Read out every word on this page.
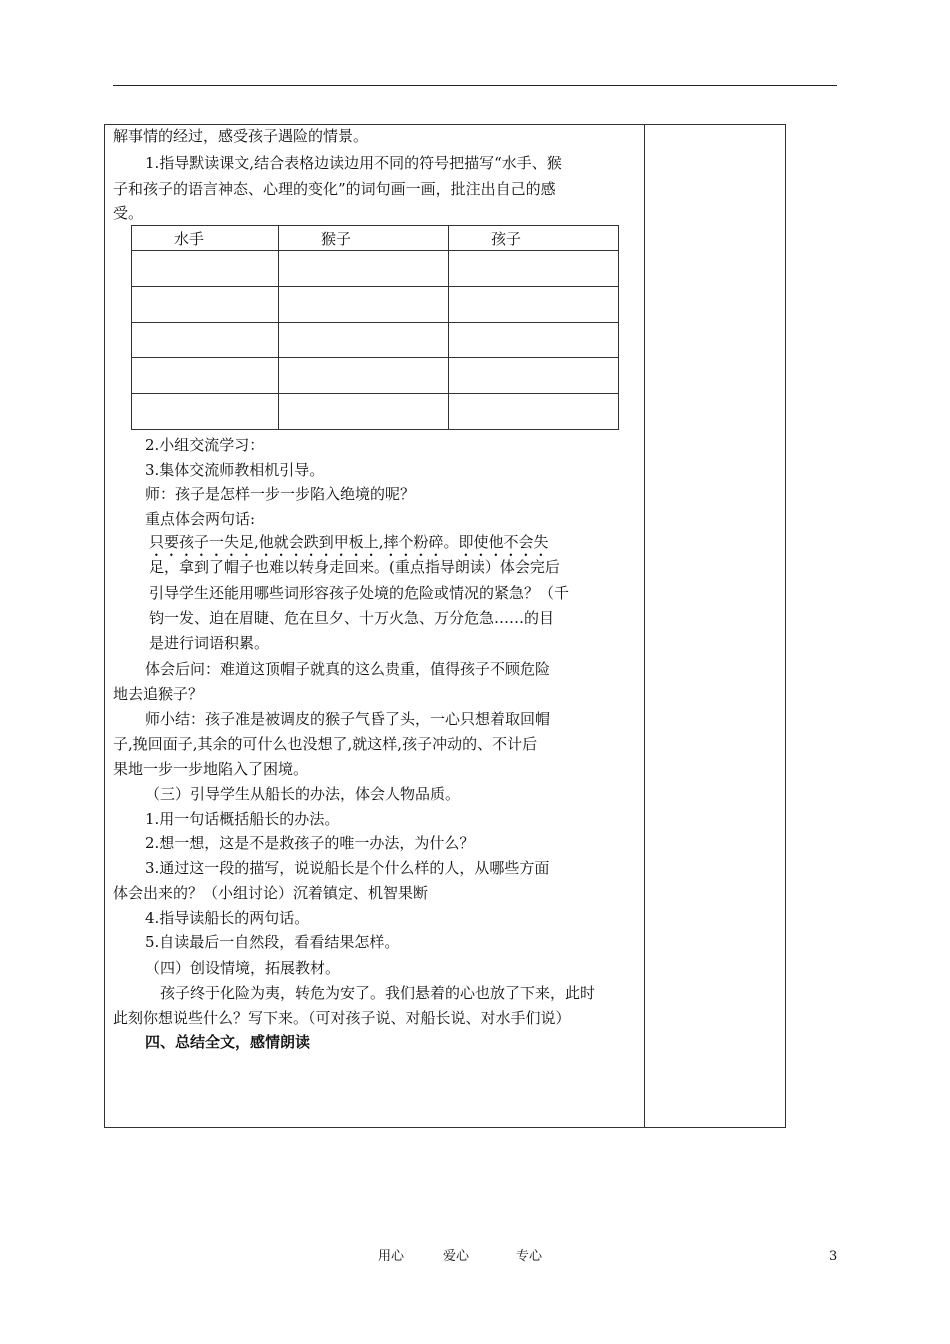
解事情的经过，感受孩子遇险的情景。
1.指导默读课文,结合表格边读边用不同的符号把描写“水手、猴
子和孩子的语言神态、心理的变化”的词句画一画，批注出自己的感
受。
水手	猴子	孩子

2.小组交流学习：
3.集体交流师教相机引导。
师：孩子是怎样一步一步陷入绝境的呢？
重点体会两句话:
只要孩子一失足,他就会跌到甲板上,摔个粉碎。即使他不会失
足，拿到了帽子也难以转身走回来。(重点指导朗读）体会完后
引导学生还能用哪些词形容孩子处境的危险或情况的紧急？（千
钧一发、迫在眉睫、危在旦夕、十万火急、万分危急……的目
是进行词语积累。
体会后问：难道这顶帽子就真的这么贵重，值得孩子不顾危险
地去追猴子？
师小结：孩子准是被调皮的猴子气昏了头，一心只想着取回帽
子,挽回面子,其余的可什么也没想了,就这样,孩子冲动的、不计后
果地一步一步地陷入了困境。
（三）引导学生从船长的办法，体会人物品质。
1.用一句话概括船长的办法。
2.想一想，这是不是救孩子的唯一办法，为什么？
3.通过这一段的描写，说说船长是个什么样的人，从哪些方面
体会出来的？（小组讨论）沉着镇定、机智果断
4.指导读船长的两句话。
5.自读最后一自然段，看看结果怎样。
（四）创设情境，拓展教材。
孩子终于化险为夷，转危为安了。我们悬着的心也放了下来，此时
此刻你想说些什么？写下来。（可对孩子说、对船长说、对水手们说）
四、总结全文，感情朗读
用心	爱心	专心	3
